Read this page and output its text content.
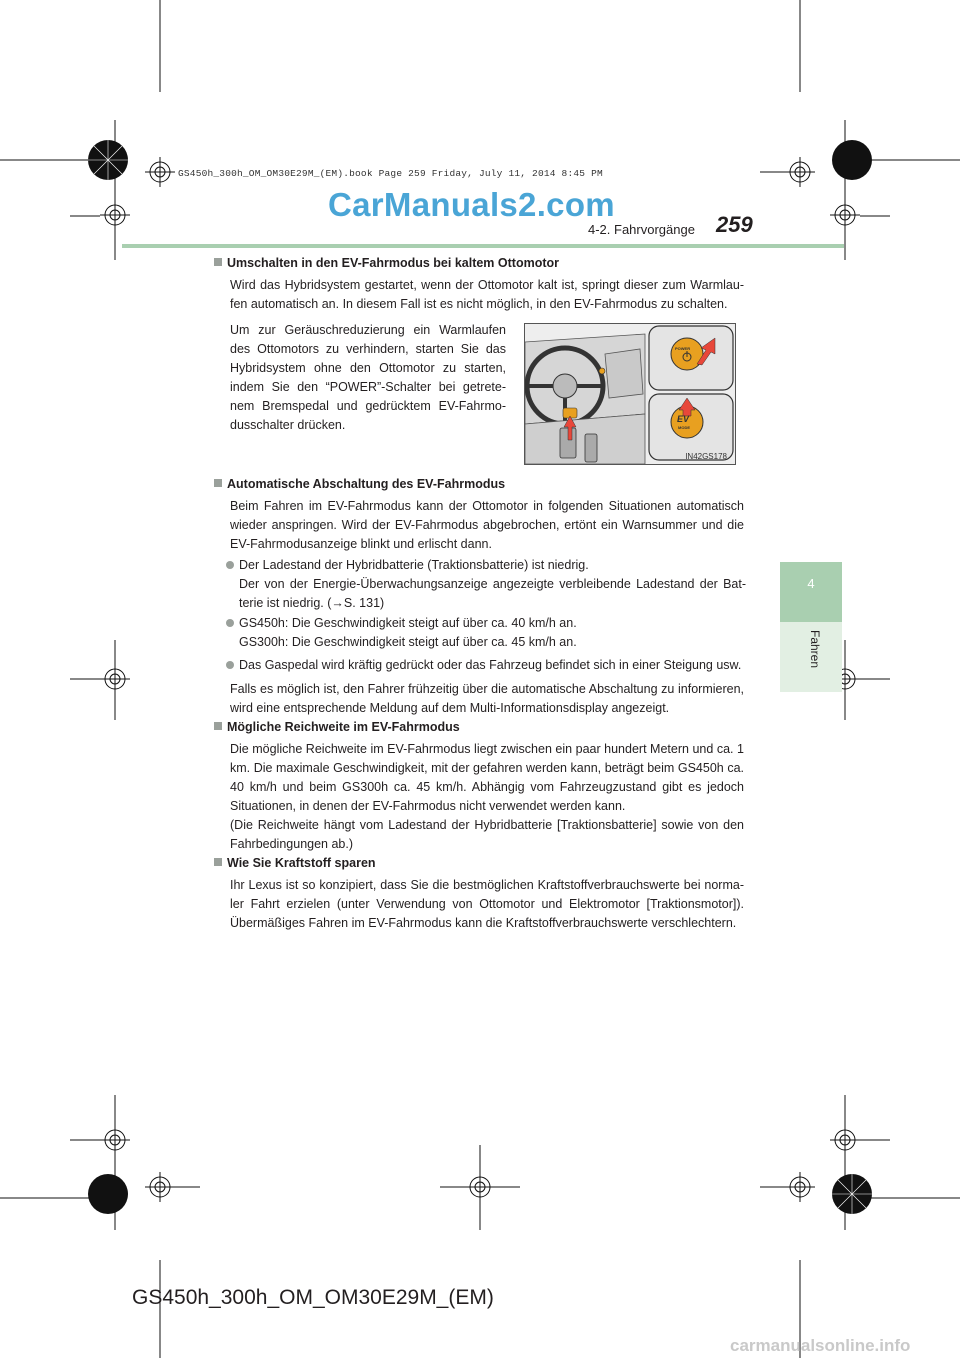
GS450h_300h_OM_OM30E29M_(EM).book Page 259 Friday, July 11, 2014 8:45 PM
CarManuals2.com
4-2. Fahrvorgänge 259
4
Fahren
Umschalten in den EV-Fahrmodus bei kaltem Ottomotor
Wird das Hybridsystem gestartet, wenn der Ottomotor kalt ist, springt dieser zum Warmlau-fen automatisch an. In diesem Fall ist es nicht möglich, in den EV-Fahrmodus zu schalten.
Um zur Geräuschreduzierung ein Warmlaufen des Ottomotors zu verhindern, starten Sie das Hybridsystem ohne den Ottomotor zu starten, indem Sie den “POWER”-Schalter bei getrete-nem Bremspedal und gedrücktem EV-Fahrmo-dusschalter drücken.
POWER
EV
MODE
IN42GS178
Automatische Abschaltung des EV-Fahrmodus
Beim Fahren im EV-Fahrmodus kann der Ottomotor in folgenden Situationen automatisch wieder anspringen. Wird der EV-Fahrmodus abgebrochen, ertönt ein Warnsummer und die EV-Fahrmodusanzeige blinkt und erlischt dann.
Der Ladestand der Hybridbatterie (Traktionsbatterie) ist niedrig.
Der von der Energie-Überwachungsanzeige angezeigte verbleibende Ladestand der Bat-terie ist niedrig. (→S. 131)
GS450h: Die Geschwindigkeit steigt auf über ca. 40 km/h an.
GS300h: Die Geschwindigkeit steigt auf über ca. 45 km/h an.
Das Gaspedal wird kräftig gedrückt oder das Fahrzeug befindet sich in einer Steigung usw.
Falls es möglich ist, den Fahrer frühzeitig über die automatische Abschaltung zu informieren, wird eine entsprechende Meldung auf dem Multi-Informationsdisplay angezeigt.
Mögliche Reichweite im EV-Fahrmodus
Die mögliche Reichweite im EV-Fahrmodus liegt zwischen ein paar hundert Metern und ca. 1 km. Die maximale Geschwindigkeit, mit der gefahren werden kann, beträgt beim GS450h ca. 40 km/h und beim GS300h ca. 45 km/h. Abhängig vom Fahrzeugzustand gibt es jedoch Situationen, in denen der EV-Fahrmodus nicht verwendet werden kann.
(Die Reichweite hängt vom Ladestand der Hybridbatterie [Traktionsbatterie] sowie von den Fahrbedingungen ab.)
Wie Sie Kraftstoff sparen
Ihr Lexus ist so konzipiert, dass Sie die bestmöglichen Kraftstoffverbrauchswerte bei norma-ler Fahrt erzielen (unter Verwendung von Ottomotor und Elektromotor [Traktionsmotor]). Übermäßiges Fahren im EV-Fahrmodus kann die Kraftstoffverbrauchswerte verschlechtern.
GS450h_300h_OM_OM30E29M_(EM)
carmanualsonline.info
